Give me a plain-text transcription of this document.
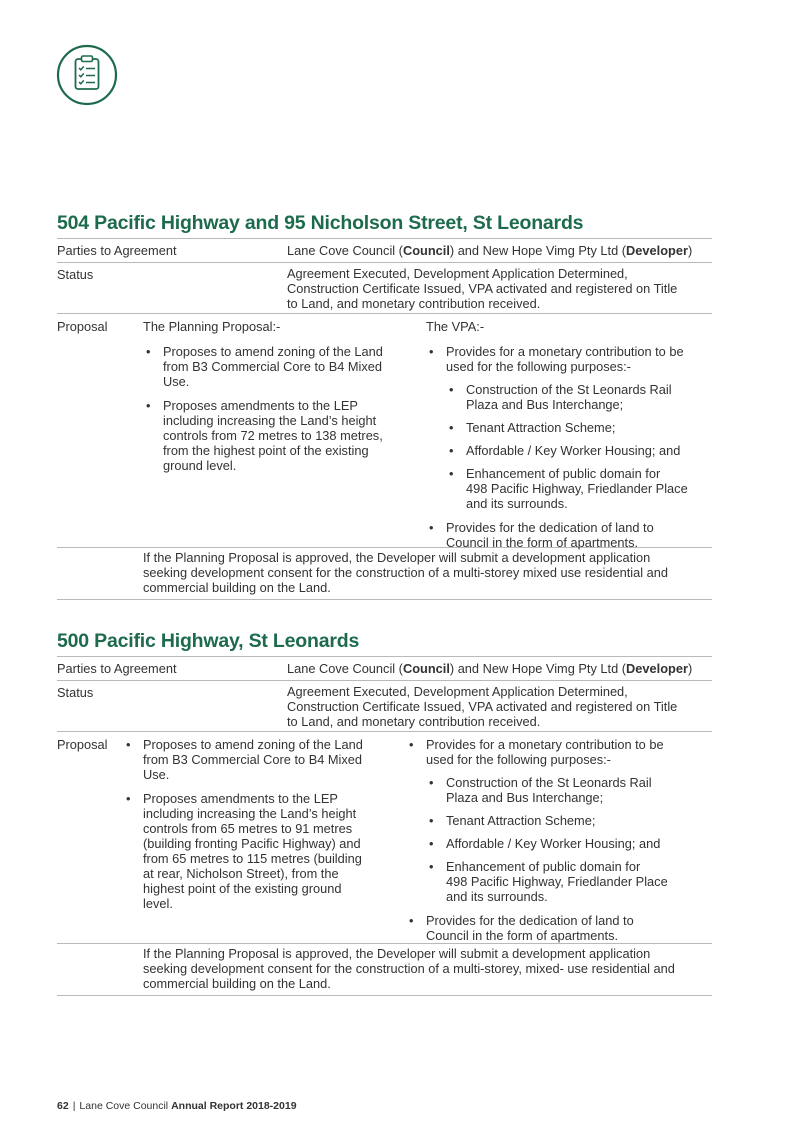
504 Pacific Highway and 95 Nicholson Street, St Leonards
Parties to Agreement	Lane Cove Council (Council) and New Hope Vimg Pty Ltd (Developer)
Status	Agreement Executed, Development Application Determined,
Construction Certificate Issued, VPA activated and registered on Title
to Land, and monetary contribution received.
Proposal	The Planning Proposal:-
• Proposes to amend zoning of the Land
from B3 Commercial Core to B4 Mixed
Use.
• Proposes amendments to the LEP
including increasing the Land’s height
controls from 72 metres to 138 metres,
from the highest point of the existing
ground level.
The VPA:-
• Provides for a monetary contribution to be
used for the following purposes:-
• Construction of the St Leonards Rail
Plaza and Bus Interchange;
• Tenant Attraction Scheme;
• Affordable / Key Worker Housing; and
• Enhancement of public domain for
498 Pacific Highway, Friedlander Place
and its surrounds.
• Provides for the dedication of land to
Council in the form of apartments.
If the Planning Proposal is approved, the Developer will submit a development application
seeking development consent for the construction of a multi-storey mixed use residential and
commercial building on the Land.
500 Pacific Highway, St Leonards
Parties to Agreement	Lane Cove Council (Council) and New Hope Vimg Pty Ltd (Developer)
Status	Agreement Executed, Development Application Determined,
Construction Certificate Issued, VPA activated and registered on Title
to Land, and monetary contribution received.
Proposal
•	Proposes to amend zoning of the Land
from B3 Commercial Core to B4 Mixed
Use.
• Proposes amendments to the LEP
including increasing the Land’s height
controls from 65 metres to 91 metres
(building fronting Pacific Highway) and
from 65 metres to 115 metres (building
at rear, Nicholson Street), from the
highest point of the existing ground
level.
• Provides for a monetary contribution to be
used for the following purposes:-
• Construction of the St Leonards Rail
Plaza and Bus Interchange;
• Tenant Attraction Scheme;
• Affordable / Key Worker Housing; and
• Enhancement of public domain for
498 Pacific Highway, Friedlander Place
and its surrounds.
• Provides for the dedication of land to
Council in the form of apartments.
If the Planning Proposal is approved, the Developer will submit a development application
seeking development consent for the construction of a multi-storey, mixed- use residential and
commercial building on the Land.
62 | Lane Cove Council Annual Report 2018-2019
